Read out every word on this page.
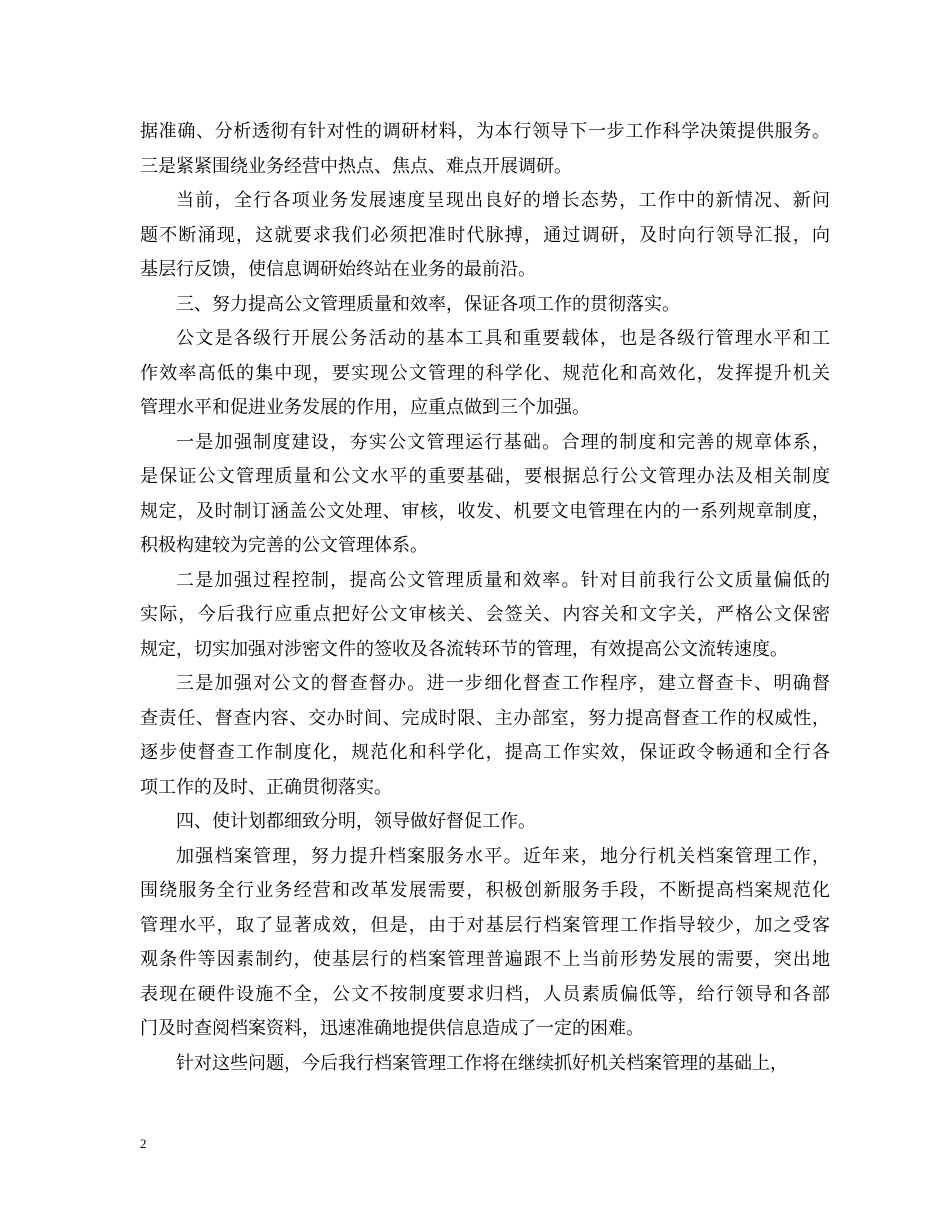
据准确、分析透彻有针对性的调研材料，为本行领导下一步工作科学决策提供服务。
三是紧紧围绕业务经营中热点、焦点、难点开展调研。
当前，全行各项业务发展速度呈现出良好的增长态势，工作中的新情况、新问
题不断涌现，这就要求我们必须把准时代脉搏，通过调研，及时向行领导汇报，向
基层行反馈，使信息调研始终站在业务的最前沿。
三、努力提高公文管理质量和效率，保证各项工作的贯彻落实。
公文是各级行开展公务活动的基本工具和重要载体，也是各级行管理水平和工
作效率高低的集中现，要实现公文管理的科学化、规范化和高效化，发挥提升机关
管理水平和促进业务发展的作用，应重点做到三个加强。
一是加强制度建设，夯实公文管理运行基础。合理的制度和完善的规章体系，
是保证公文管理质量和公文水平的重要基础，要根据总行公文管理办法及相关制度
规定，及时制订涵盖公文处理、审核，收发、机要文电管理在内的一系列规章制度，
积极构建较为完善的公文管理体系。
二是加强过程控制，提高公文管理质量和效率。针对目前我行公文质量偏低的
实际，今后我行应重点把好公文审核关、会签关、内容关和文字关，严格公文保密
规定，切实加强对涉密文件的签收及各流转环节的管理，有效提高公文流转速度。
三是加强对公文的督查督办。进一步细化督查工作程序，建立督查卡、明确督
查责任、督查内容、交办时间、完成时限、主办部室，努力提高督查工作的权威性，
逐步使督查工作制度化，规范化和科学化，提高工作实效，保证政令畅通和全行各
项工作的及时、正确贯彻落实。
四、使计划都细致分明，领导做好督促工作。
加强档案管理，努力提升档案服务水平。近年来，地分行机关档案管理工作，
围绕服务全行业务经营和改革发展需要，积极创新服务手段，不断提高档案规范化
管理水平，取了显著成效，但是，由于对基层行档案管理工作指导较少，加之受客
观条件等因素制约，使基层行的档案管理普遍跟不上当前形势发展的需要，突出地
表现在硬件设施不全，公文不按制度要求归档，人员素质偏低等，给行领导和各部
门及时查阅档案资料，迅速准确地提供信息造成了一定的困难。
针对这些问题，今后我行档案管理工作将在继续抓好机关档案管理的基础上，
2
